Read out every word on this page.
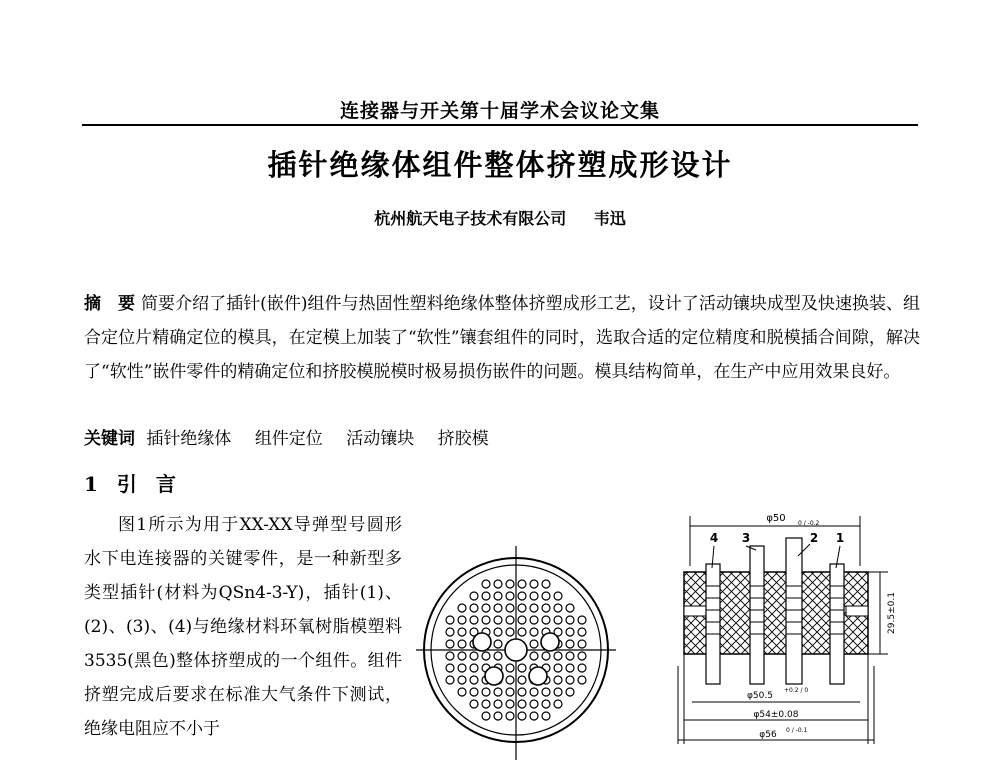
连接器与开关第十届学术会议论文集
插针绝缘体组件整体挤塑成形设计
杭州航天电子技术有限公司 韦迅
摘　要 简要介绍了插针(嵌件)组件与热固性塑料绝缘体整体挤塑成形工艺，设计了活动镶块成型及快速换装、组合定位片精确定位的模具，在定模上加装了“软性”镶套组件的同时，选取合适的定位精度和脱模插合间隙，解决了“软性”嵌件零件的精确定位和挤胶模脱模时极易损伤嵌件的问题。模具结构简单，在生产中应用效果良好。
关键词 插针绝缘体 组件定位 活动镶块 挤胶模
1 引 言
图1所示为用于XX-XX导弹型号圆形水下电连接器的关键零件，是一种新型多类型插针(材料为QSn4-3-Y)，插针(1)、(2)、(3)、(4)与绝缘材料环氧树脂模塑料3535(黑色)整体挤塑成的一个组件。组件挤塑完成后要求在标准大气条件下测试，绝缘电阻应不小于
φ50 0 / -0.2
4 3	2 1
29.5±0.1
φ50.5
+0.2 / 0
φ54±0.08
φ56 0 / -0.1
